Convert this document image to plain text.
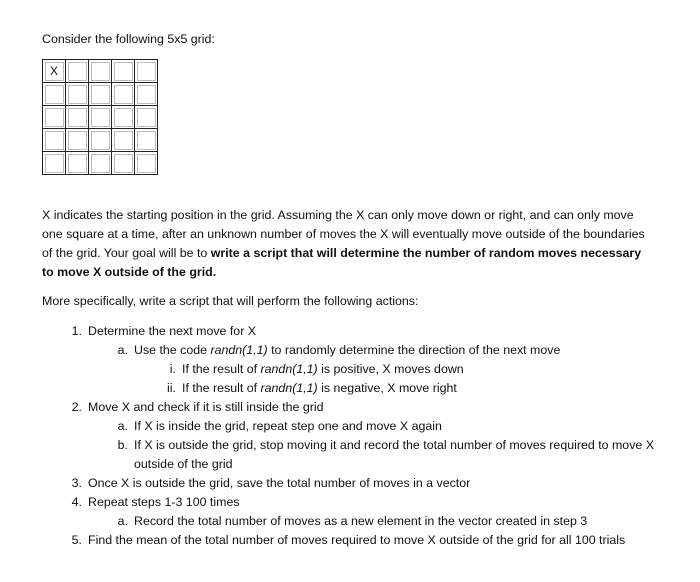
Consider the following 5x5 grid:
X				

X indicates the starting position in the grid. Assuming the X can only move down or right, and can only move one square at a time, after an unknown number of moves the X will eventually move outside of the boundaries of the grid. Your goal will be to write a script that will determine the number of random moves necessary to move X outside of the grid.
More specifically, write a script that will perform the following actions:
1. Determine the next move for X
a. Use the code randn(1,1) to randomly determine the direction of the next move
i. If the result of randn(1,1) is positive, X moves down
ii. If the result of randn(1,1) is negative, X move right
2. Move X and check if it is still inside the grid
a. If X is inside the grid, repeat step one and move X again
b. If X is outside the grid, stop moving it and record the total number of moves required to move X outside of the grid
3. Once X is outside the grid, save the total number of moves in a vector
4. Repeat steps 1-3 100 times
a. Record the total number of moves as a new element in the vector created in step 3
5. Find the mean of the total number of moves required to move X outside of the grid for all 100 trials
